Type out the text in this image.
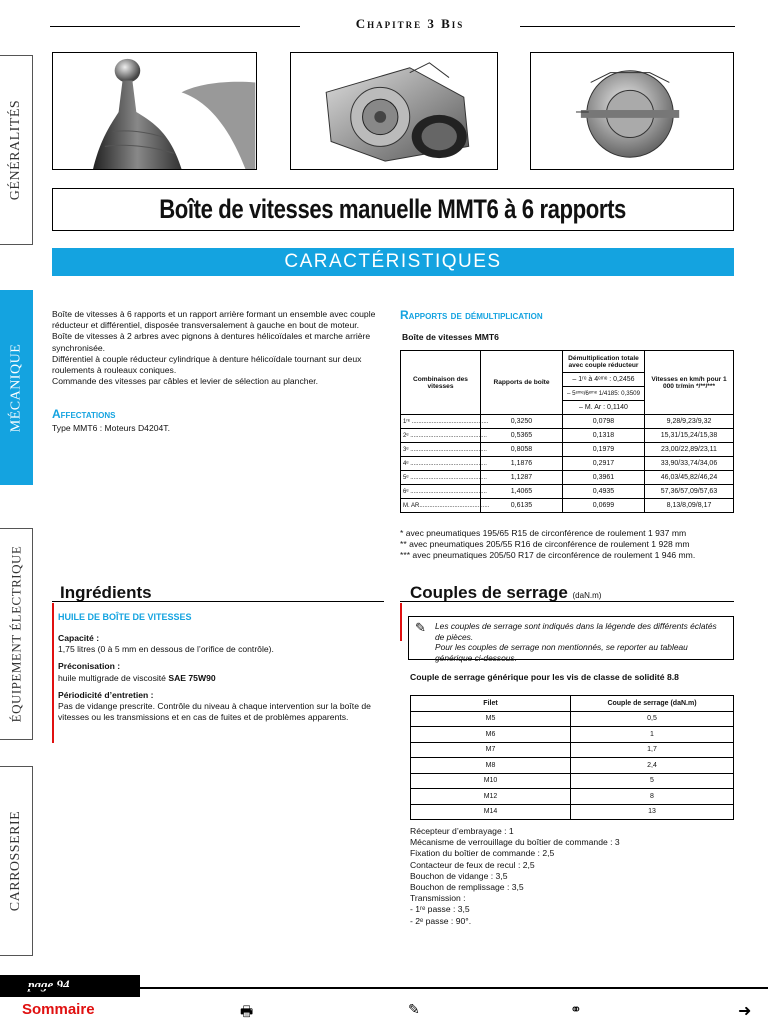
Chapitre 3 Bis
GÉNÉRALITÉS
MÉCANIQUE
ÉQUIPEMENT ÉLECTRIQUE
CARROSSERIE
Boîte de vitesses manuelle MMT6 à 6 rapports
CARACTÉRISTIQUES
Boîte de vitesses à 6 rapports et un rapport arrière formant un ensemble avec couple réducteur et différentiel, disposée transversalement à gauche en bout de moteur.
Boîte de vitesses à 2 arbres avec pignons à dentures hélicoïdales et marche arrière synchronisée.
Différentiel à couple réducteur cylindrique à denture hélicoïdale tournant sur deux roulements à rouleaux coniques.
Commande des vitesses par câbles et levier de sélection au plancher.
Affectations
Type MMT6 : Moteurs D4204T.
Rapports de démultiplication
Boîte de vitesses MMT6
Combinaison des vitesses	Rapports de boîte	Démultiplication totale avec couple réducteur	Vitesses en km/h pour 1 000 tr/min */**/***
		– 1ʳᵉ à 4ᵉᵐᵉ : 0,2456	
		– 5ᵉᵐᵉ/6ᵉᵐᵉ 1/4185: 0,3509	
		– M. Ar : 0,1140	
1ʳᵉ ..............................................	0,3250	0,0798	9,28/9,23/9,32
2ᵉ ..............................................	0,5365	0,1318	15,31/15,24/15,38
3ᵉ ..............................................	0,8058	0,1979	23,00/22,89/23,11
4ᵉ ..............................................	1,1876	0,2917	33,90/33,74/34,06
5ᵉ ..............................................	1,1287	0,3961	46,03/45,82/46,24
6ᵉ ..............................................	1,4065	0,4935	57,36/57,09/57,63
M. AR..........................................	0,6135	0,0699	8,13/8,09/8,17
* avec pneumatiques 195/65 R15 de circonférence de roulement 1 937 mm
** avec pneumatiques 205/55 R16 de circonférence de roulement 1 928 mm
*** avec pneumatiques 205/50 R17 de circonférence de roulement 1 946 mm.
Ingrédients
HUILE DE BOÎTE DE VITESSES
Capacité :
1,75 litres (0 à 5 mm en dessous de l’orifice de contrôle).
Préconisation :
huile multigrade de viscosité SAE 75W90
Périodicité d’entretien :
Pas de vidange prescrite. Contrôle du niveau à chaque intervention sur la boîte de vitesses ou les transmissions et en cas de fuites et de problèmes apparents.
Couples de serrage (daN.m)
✎ Les couples de serrage sont indiqués dans la légende des différents éclatés de pièces.
Pour les couples de serrage non mentionnés, se reporter au tableau générique ci-dessous.
Couple de serrage générique pour les vis de classe de solidité 8.8
Filet	Couple de serrage (daN.m)
M5	0,5
M6	1
M7	1,7
M8	2,4
M10	5
M12	8
M14	13
Récepteur d’embrayage : 1
Mécanisme de verrouillage du boîtier de commande : 3
Fixation du boîtier de commande : 2,5
Contacteur de feux de recul : 2,5
Bouchon de vidange : 3,5
Bouchon de remplissage : 3,5
Transmission :
- 1ʳᵉ passe : 3,5
- 2ᵉ passe : 90°.
page 94
Sommaire	🖶	✎	⚭	➜
